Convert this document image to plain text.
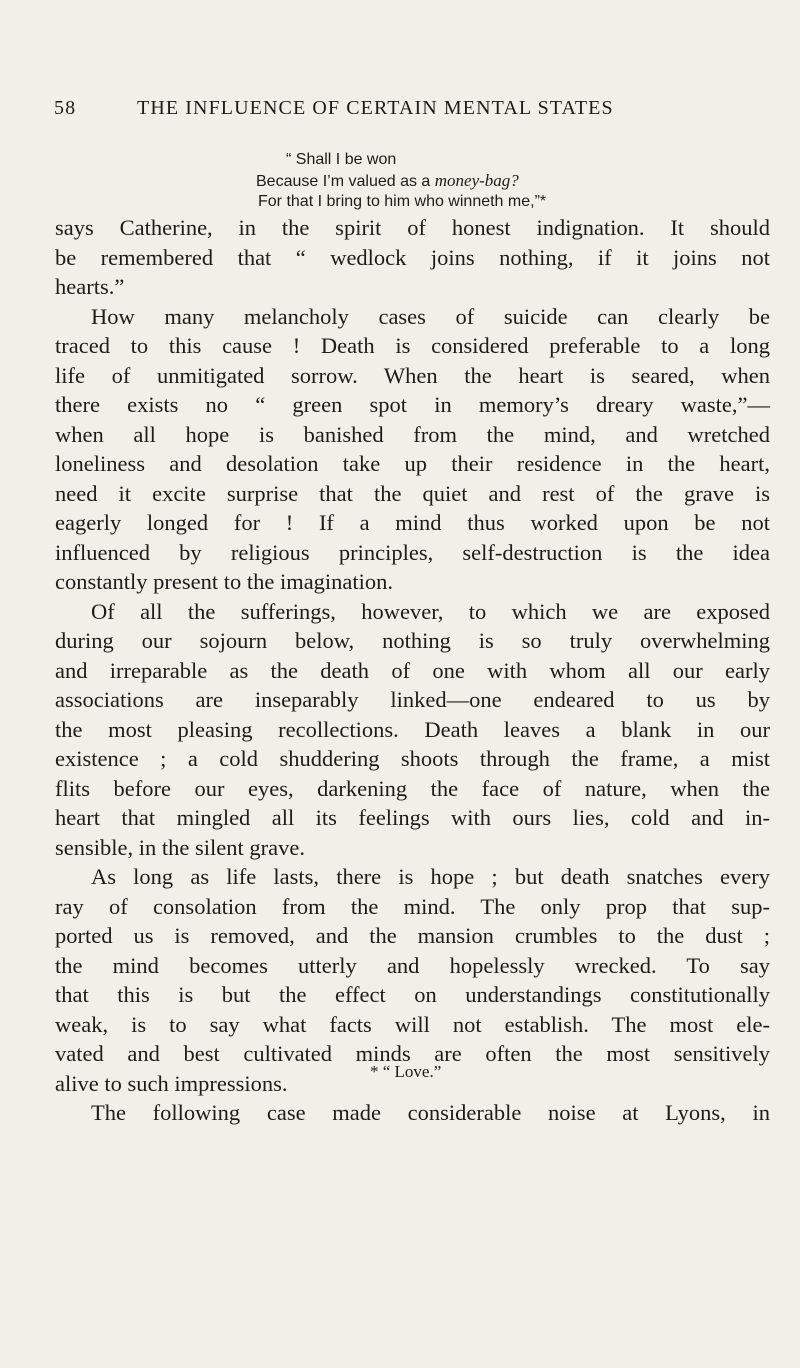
58	THE INFLUENCE OF CERTAIN MENTAL STATES
“ Shall I be won
Because I’m valued as a money-bag?
For that I bring to him who winneth me,”*

says Catherine, in the spirit of honest indignation. It should
be remembered that “ wedlock joins nothing, if it joins not
hearts.”

How many melancholy cases of suicide can clearly be
traced to this cause ! Death is considered preferable to a long
life of unmitigated sorrow. When the heart is seared, when
there exists no “ green spot in memory’s dreary waste,”—
when all hope is banished from the mind, and wretched
loneliness and desolation take up their residence in the heart,
need it excite surprise that the quiet and rest of the grave is
eagerly longed for ! If a mind thus worked upon be not
influenced by religious principles, self-destruction is the idea
constantly present to the imagination.

Of all the sufferings, however, to which we are exposed
during our sojourn below, nothing is so truly overwhelming
and irreparable as the death of one with whom all our early
associations are inseparably linked—one endeared to us by
the most pleasing recollections. Death leaves a blank in our
existence ; a cold shuddering shoots through the frame, a mist
flits before our eyes, darkening the face of nature, when the
heart that mingled all its feelings with ours lies, cold and in-
sensible, in the silent grave.

As long as life lasts, there is hope ; but death snatches every
ray of consolation from the mind. The only prop that sup-
ported us is removed, and the mansion crumbles to the dust ;
the mind becomes utterly and hopelessly wrecked. To say
that this is but the effect on understandings constitutionally
weak, is to say what facts will not establish. The most ele-
vated and best cultivated minds are often the most sensitively
alive to such impressions.

The following case made considerable noise at Lyons, in

* “ Love.”
